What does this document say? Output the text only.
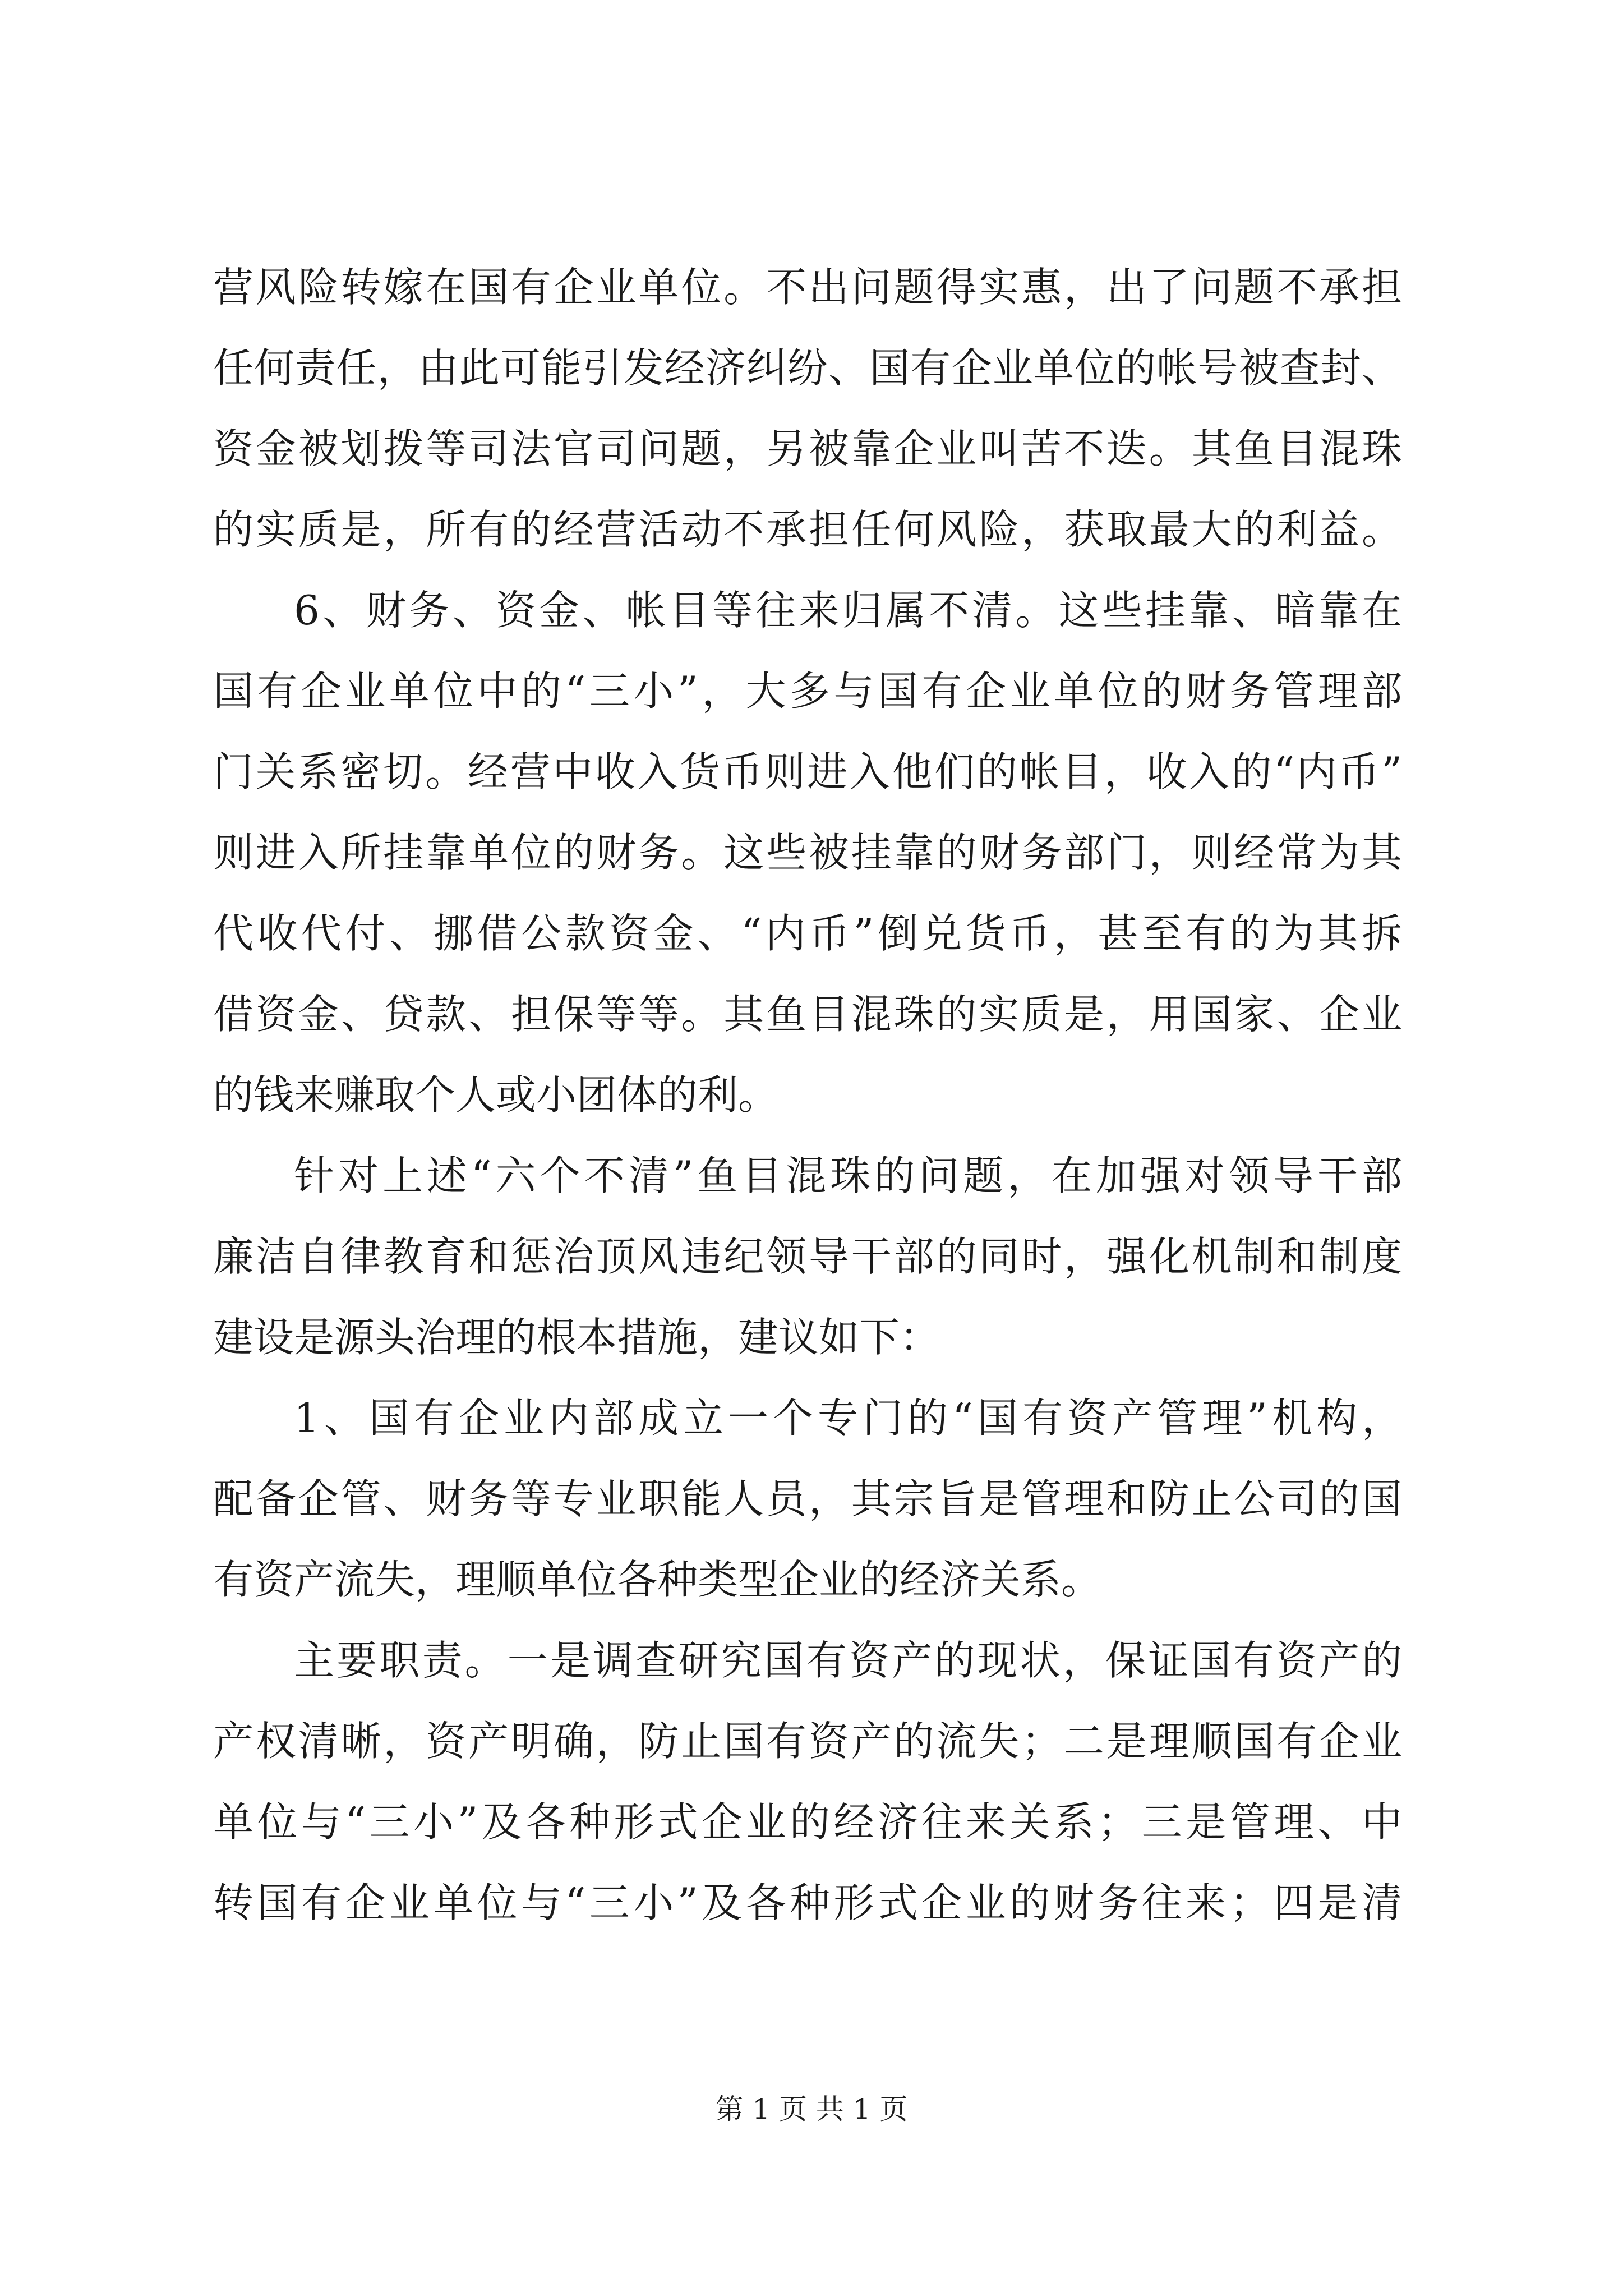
营风险转嫁在国有企业单位。不出问题得实惠，出了问题不承担
任何责任，由此可能引发经济纠纷、国有企业单位的帐号被查封、
资金被划拨等司法官司问题，另被靠企业叫苦不迭。其鱼目混珠
的实质是，所有的经营活动不承担任何风险，获取最大的利益。
6、财务、资金、帐目等往来归属不清。这些挂靠、暗靠在
国有企业单位中的“三小”，大多与国有企业单位的财务管理部
门关系密切。经营中收入货币则进入他们的帐目，收入的“内币”
则进入所挂靠单位的财务。这些被挂靠的财务部门，则经常为其
代收代付、挪借公款资金、“内币”倒兑货币，甚至有的为其拆
借资金、贷款、担保等等。其鱼目混珠的实质是，用国家、企业
的钱来赚取个人或小团体的利。
针对上述“六个不清”鱼目混珠的问题，在加强对领导干部
廉洁自律教育和惩治顶风违纪领导干部的同时，强化机制和制度
建设是源头治理的根本措施，建议如下：
1、国有企业内部成立一个专门的“国有资产管理”机构，
配备企管、财务等专业职能人员，其宗旨是管理和防止公司的国
有资产流失，理顺单位各种类型企业的经济关系。
主要职责。一是调查研究国有资产的现状，保证国有资产的
产权清晰，资产明确，防止国有资产的流失；二是理顺国有企业
单位与“三小”及各种形式企业的经济往来关系；三是管理、中
转国有企业单位与“三小”及各种形式企业的财务往来；四是清
第 1 页 共 1 页
